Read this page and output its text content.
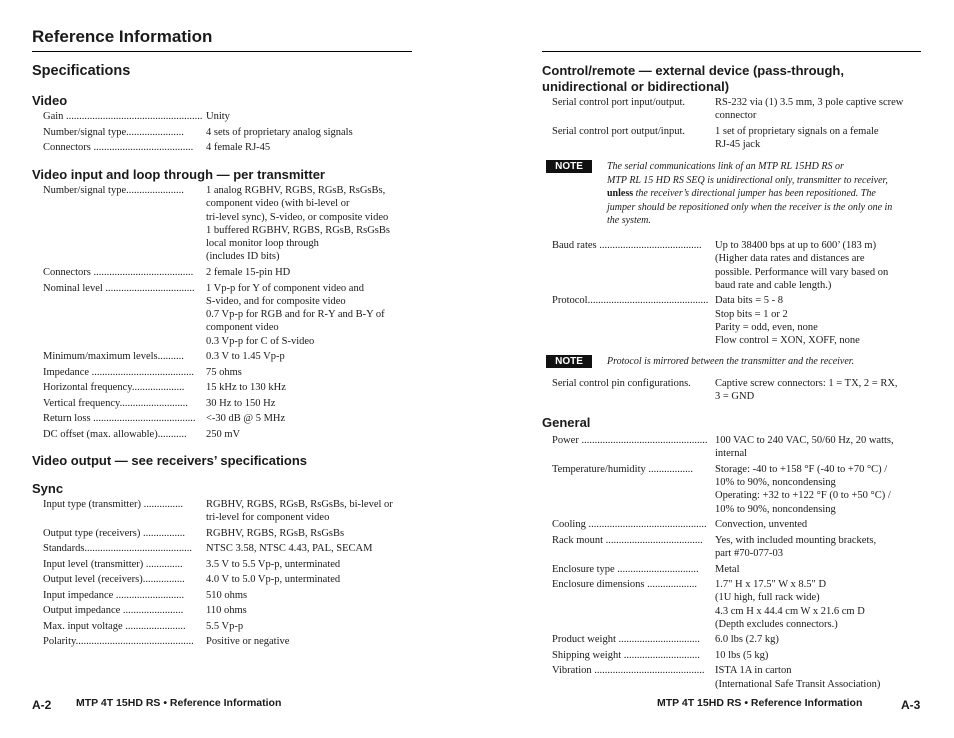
Reference Information
Specifications
Video
Gain .................................................... Unity
Number/signal type......................	4 sets of proprietary analog signals
Connectors ......................................	4 female RJ-45
Video input and loop through — per transmitter
Number/signal type......................	1 analog RGBHV, RGBS, RGsB, RsGsBs,
component video (with bi-level or
tri-level sync), S-video, or composite video
1 buffered RGBHV, RGBS, RGsB, RsGsBs
local monitor loop through
(includes ID bits)
Connectors ......................................	2 female 15-pin HD
Nominal level ..................................	1 Vp-p for Y of component video and
S-video, and for composite video
0.7 Vp-p for RGB and for R-Y and B-Y of
component video
0.3 Vp-p for C of S-video
Minimum/maximum levels..........	0.3 V to 1.45 Vp-p
Impedance .......................................	75 ohms
Horizontal frequency....................	15 kHz to 130 kHz
Vertical frequency..........................	30 Hz to 150 Hz
Return loss ....................................... <-30 dB @ 5 MHz
DC offset (max. allowable)...........	250 mV
Video output — see receivers’ specifications
Sync
Input type (transmitter) ...............	RGBHV, RGBS, RGsB, RsGsBs, bi-level or
tri-level for component video
Output type (receivers) ................	RGBHV, RGBS, RGsB, RsGsBs
Standards.........................................	NTSC 3.58, NTSC 4.43, PAL, SECAM
Input level (transmitter) ..............	3.5 V to 5.5 Vp-p, unterminated
Output level (receivers)................	4.0 V to 5.0 Vp-p, unterminated
Input impedance ..........................	510 ohms
Output impedance .......................	110 ohms
Max. input voltage .......................	5.5 Vp-p
Polarity.............................................	Positive or negative
A-2 MTP 4T 15HD RS • Reference Information
Control/remote — external device (pass-through,
unidirectional or bidirectional)
Serial control port input/output.	RS-232 via (1) 3.5 mm, 3 pole captive screw
connector
Serial control port output/input.	1 set of proprietary signals on a female
RJ-45 jack
NOTE	The serial communications link of an MTP RL 15HD RS or
MTP RL 15 HD RS SEQ is unidirectional only, transmitter to receiver,
unless the receiver’s directional jumper has been repositioned. The
jumper should be repositioned only when the receiver is the only one in
the system.
Baud rates .......................................	Up to 38400 bps at up to 600’ (183 m)
(Higher data rates and distances are
possible. Performance will vary based on
baud rate and cable length.)
Protocol.............................................. Data bits = 5 - 8
Stop bits = 1 or 2
Parity = odd, even, none
Flow control = XON, XOFF, none
NOTE	Protocol is mirrored between the transmitter and the receiver.
Serial control pin configurations.	Captive screw connectors: 1 = TX, 2 = RX,
3 = GND
General
Power ................................................ 100 VAC to 240 VAC, 50/60 Hz, 20 watts,
internal
Temperature/humidity .................	Storage: -40 to +158 °F (-40 to +70 °C) /
10% to 90%, noncondensing
Operating: +32 to +122 °F (0 to +50 °C) /
10% to 90%, noncondensing
Cooling ............................................. Convection, unvented
Rack mount .....................................	Yes, with included mounting brackets,
part #70-077-03
Enclosure type ...............................	Metal
Enclosure dimensions ...................	1.7" H x 17.5" W x 8.5" D
(1U high, full rack wide)
4.3 cm H x 44.4 cm W x 21.6 cm D
(Depth excludes connectors.)
Product weight ...............................	6.0 lbs (2.7 kg)
Shipping weight .............................	10 lbs (5 kg)
Vibration ..........................................	ISTA 1A in carton
(International Safe Transit Association)
MTP 4T 15HD RS • Reference Information	A-3
